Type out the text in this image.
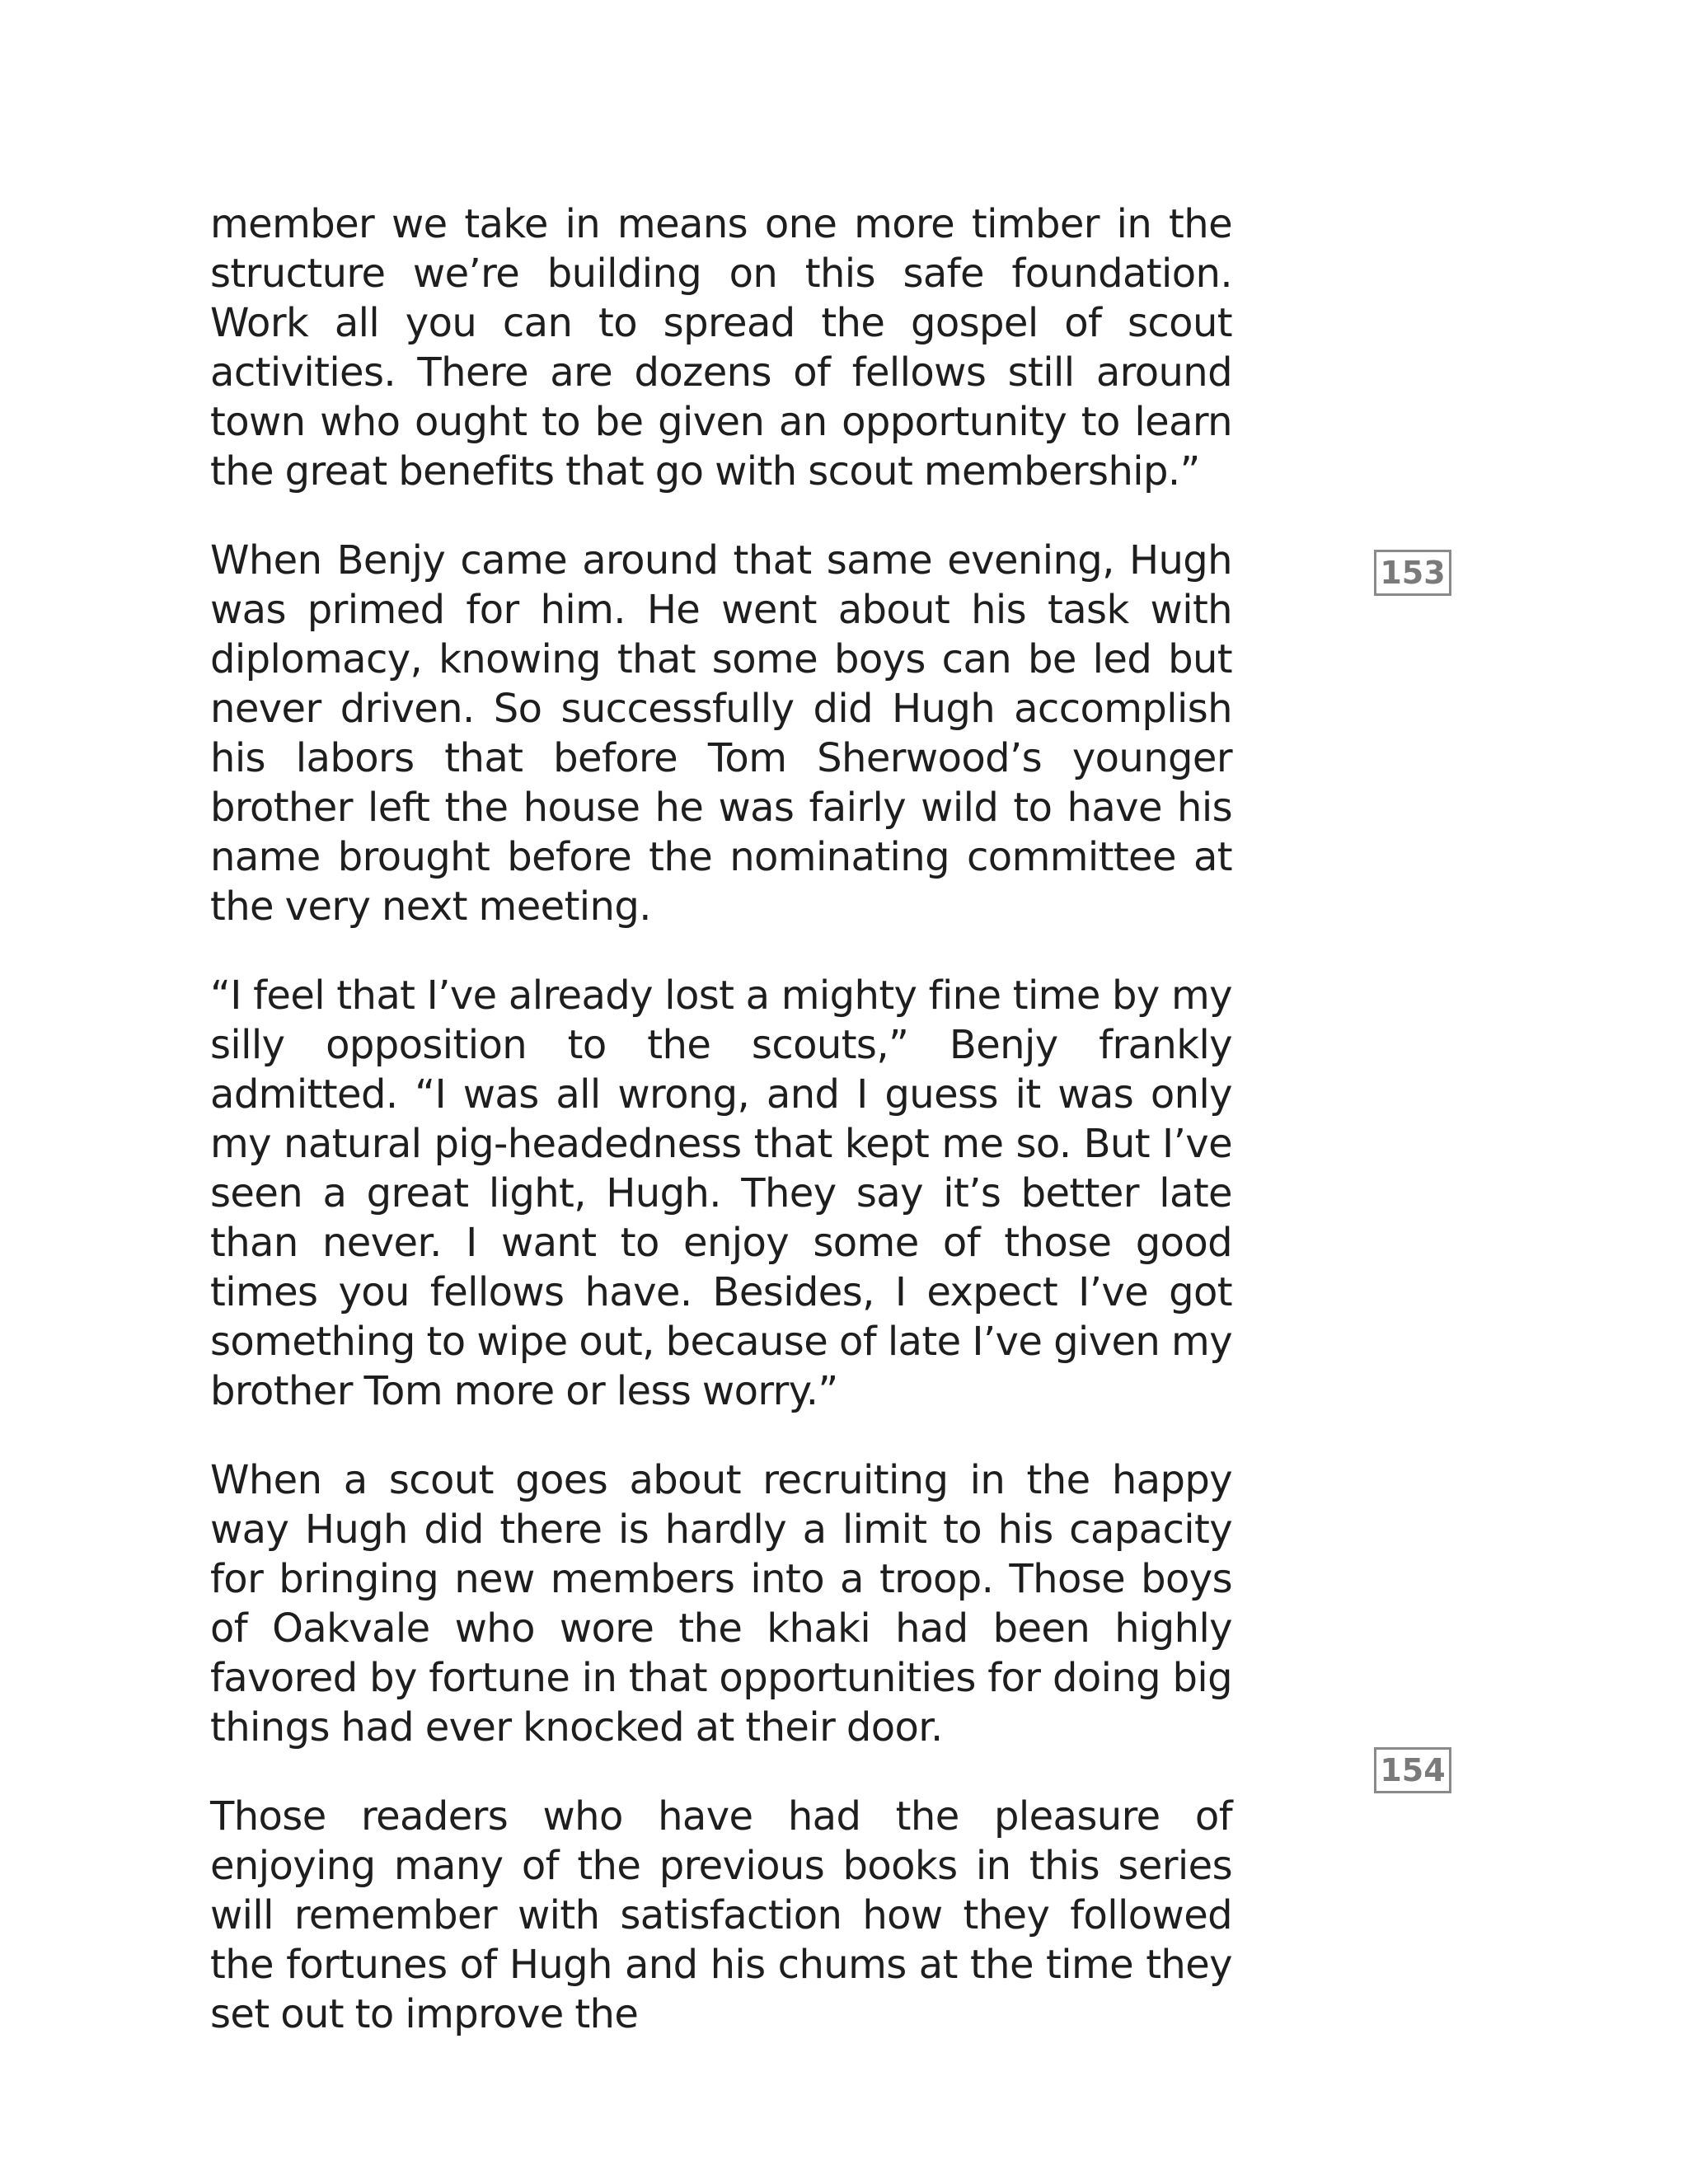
member we take in means one more timber in the structure we’re building on this safe foundation. Work all you can to spread the gospel of scout activities. There are dozens of fellows still around town who ought to be given an opportunity to learn the great benefits that go with scout membership.”

When Benjy came around that same evening, Hugh was primed for him. He went about his task with diplomacy, knowing that some boys can be led but never driven. So successfully did Hugh accomplish his labors that before Tom Sherwood’s younger brother left the house he was fairly wild to have his name brought before the nominating committee at the very next meeting.

“I feel that I’ve already lost a mighty fine time by my silly opposition to the scouts,” Benjy frankly admitted. “I was all wrong, and I guess it was only my natural pig-headedness that kept me so. But I’ve seen a great light, Hugh. They say it’s better late than never. I want to enjoy some of those good times you fellows have. Besides, I expect I’ve got something to wipe out, because of late I’ve given my brother Tom more or less worry.”

When a scout goes about recruiting in the happy way Hugh did there is hardly a limit to his capacity for bringing new members into a troop. Those boys of Oakvale who wore the khaki had been highly favored by fortune in that opportunities for doing big things had ever knocked at their door.

Those readers who have had the pleasure of enjoying many of the previous books in this series will remember with satisfaction how they followed the fortunes of Hugh and his chums at the time they set out to improve the

153
154
